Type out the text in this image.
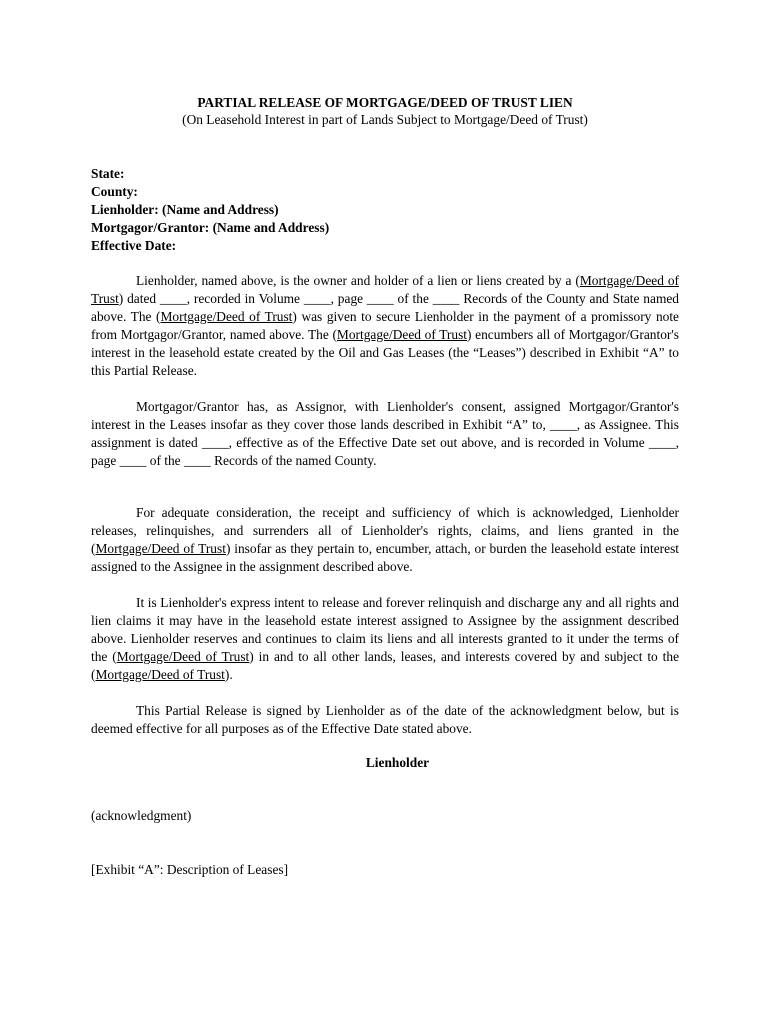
PARTIAL RELEASE OF MORTGAGE/DEED OF TRUST LIEN
(On Leasehold Interest in part of Lands Subject to Mortgage/Deed of Trust)
State:
County:
Lienholder: (Name and Address)
Mortgagor/Grantor: (Name and Address)
Effective Date:

Lienholder, named above, is the owner and holder of a lien or liens created by a (Mortgage/Deed of Trust) dated ____, recorded in Volume ____, page ____ of the ____ Records of the County and State named above. The (Mortgage/Deed of Trust) was given to secure Lienholder in the payment of a promissory note from Mortgagor/Grantor, named above. The (Mortgage/Deed of Trust) encumbers all of Mortgagor/Grantor's interest in the leasehold estate created by the Oil and Gas Leases (the “Leases”) described in Exhibit “A” to this Partial Release.

Mortgagor/Grantor has, as Assignor, with Lienholder's consent, assigned Mortgagor/Grantor's interest in the Leases insofar as they cover those lands described in Exhibit “A” to, ____, as Assignee. This assignment is dated ____, effective as of the Effective Date set out above, and is recorded in Volume ____, page ____ of the ____ Records of the named County.

For adequate consideration, the receipt and sufficiency of which is acknowledged, Lienholder releases, relinquishes, and surrenders all of Lienholder's rights, claims, and liens granted in the (Mortgage/Deed of Trust) insofar as they pertain to, encumber, attach, or burden the leasehold estate interest assigned to the Assignee in the assignment described above.

It is Lienholder's express intent to release and forever relinquish and discharge any and all rights and lien claims it may have in the leasehold estate interest assigned to Assignee by the assignment described above. Lienholder reserves and continues to claim its liens and all interests granted to it under the terms of the (Mortgage/Deed of Trust) in and to all other lands, leases, and interests covered by and subject to the (Mortgage/Deed of Trust).

This Partial Release is signed by Lienholder as of the date of the acknowledgment below, but is deemed effective for all purposes as of the Effective Date stated above.

Lienholder
(acknowledgment)
[Exhibit “A”: Description of Leases]
